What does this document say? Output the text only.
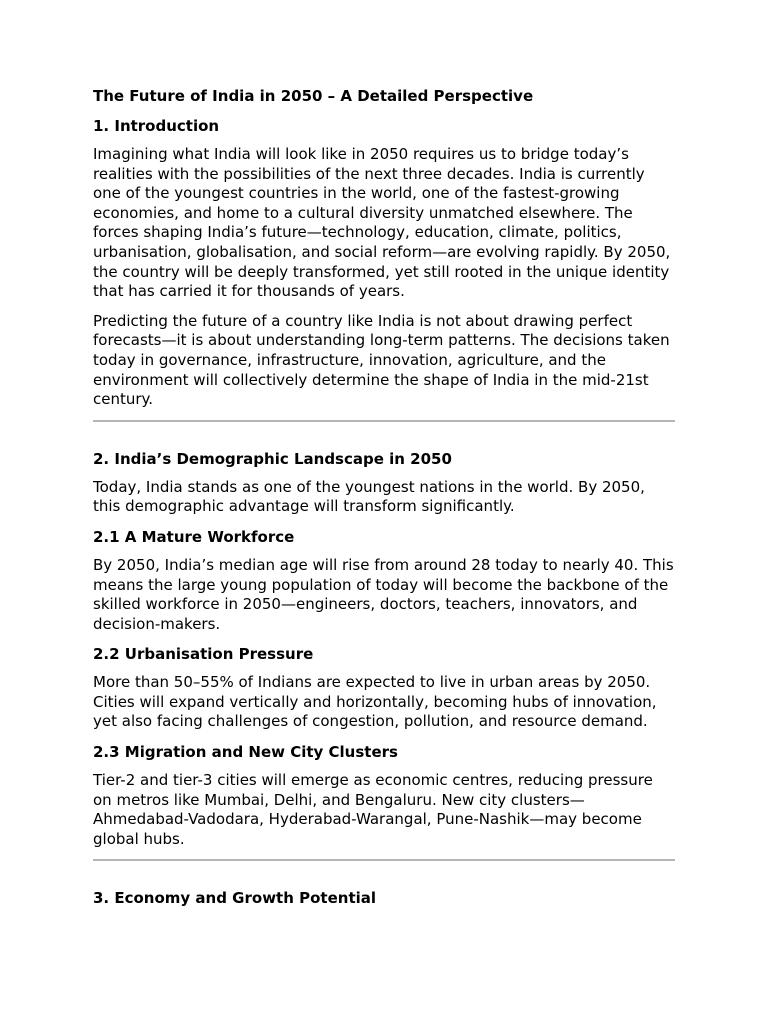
The Future of India in 2050 – A Detailed Perspective
1. Introduction

Imagining what India will look like in 2050 requires us to bridge today’s realities with the possibilities of the next three decades. India is currently one of the youngest countries in the world, one of the fastest-growing economies, and home to a cultural diversity unmatched elsewhere. The forces shaping India’s future—technology, education, climate, politics, urbanisation, globalisation, and social reform—are evolving rapidly. By 2050, the country will be deeply transformed, yet still rooted in the unique identity that has carried it for thousands of years.

Predicting the future of a country like India is not about drawing perfect forecasts—it is about understanding long-term patterns. The decisions taken today in governance, infrastructure, innovation, agriculture, and the environment will collectively determine the shape of India in the mid-21st century.

2. India’s Demographic Landscape in 2050

Today, India stands as one of the youngest nations in the world. By 2050, this demographic advantage will transform significantly.

2.1 A Mature Workforce

By 2050, India’s median age will rise from around 28 today to nearly 40. This means the large young population of today will become the backbone of the skilled workforce in 2050—engineers, doctors, teachers, innovators, and decision-makers.

2.2 Urbanisation Pressure

More than 50–55% of Indians are expected to live in urban areas by 2050. Cities will expand vertically and horizontally, becoming hubs of innovation, yet also facing challenges of congestion, pollution, and resource demand.

2.3 Migration and New City Clusters

Tier-2 and tier-3 cities will emerge as economic centres, reducing pressure on metros like Mumbai, Delhi, and Bengaluru. New city clusters—Ahmedabad-Vadodara, Hyderabad-Warangal, Pune-Nashik—may become global hubs.

3. Economy and Growth Potential
